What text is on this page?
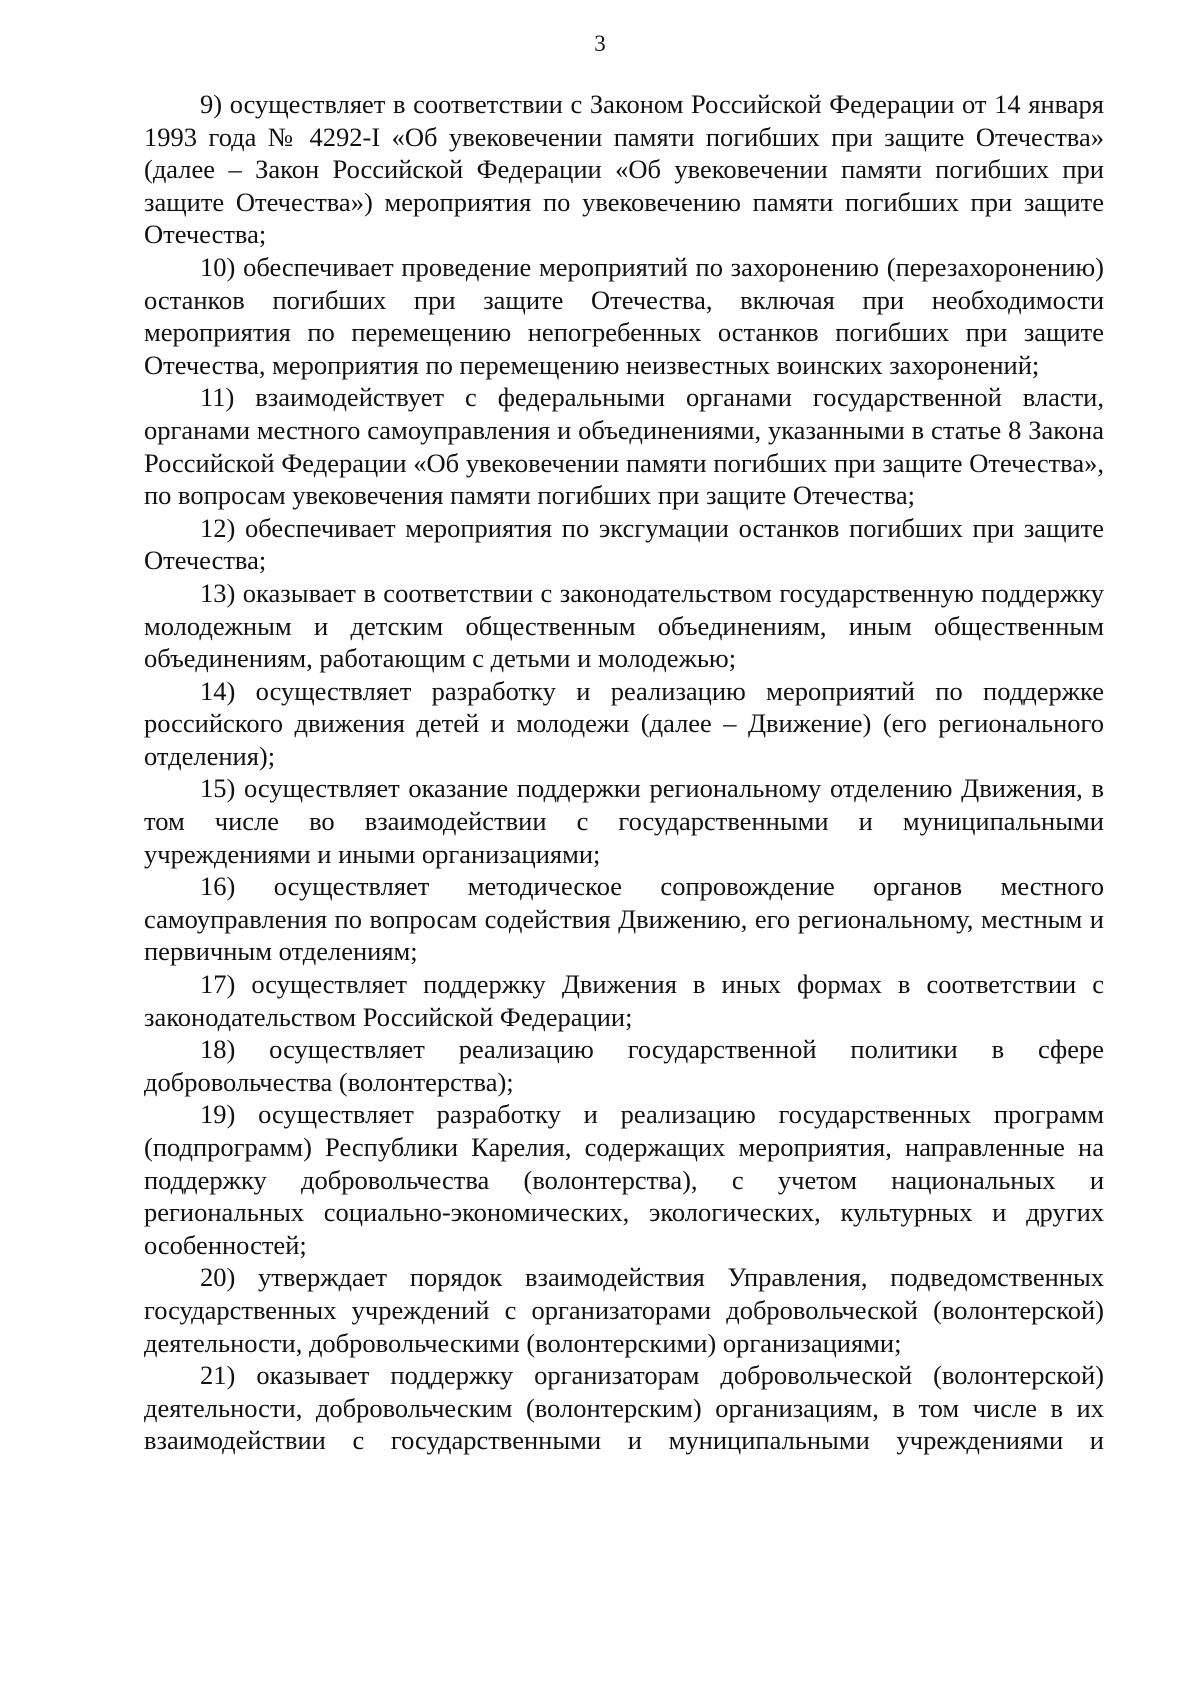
3

9) осуществляет в соответствии с Законом Российской Федерации от 14 января 1993 года № 4292-I «Об увековечении памяти погибших при защите Отечества» (далее – Закон Российской Федерации «Об увековечении памяти погибших при защите Отечества») мероприятия по увековечению памяти погибших при защите Отечества;

10) обеспечивает проведение мероприятий по захоронению (перезахоронению) останков погибших при защите Отечества, включая при необходимости мероприятия по перемещению непогребенных останков погибших при защите Отечества, мероприятия по перемещению неизвестных воинских захоронений;

11) взаимодействует с федеральными органами государственной власти, органами местного самоуправления и объединениями, указанными в статье 8 Закона Российской Федерации «Об увековечении памяти погибших при защите Отечества», по вопросам увековечения памяти погибших при защите Отечества;

12) обеспечивает мероприятия по эксгумации останков погибших при защите Отечества;

13) оказывает в соответствии с законодательством государственную поддержку молодежным и детским общественным объединениям, иным общественным объединениям, работающим с детьми и молодежью;

14) осуществляет разработку и реализацию мероприятий по поддержке российского движения детей и молодежи (далее – Движение) (его регионального отделения);

15) осуществляет оказание поддержки региональному отделению Движения, в том числе во взаимодействии с государственными и муниципальными учреждениями и иными организациями;

16) осуществляет методическое сопровождение органов местного самоуправления по вопросам содействия Движению, его региональному, местным и первичным отделениям;

17) осуществляет поддержку Движения в иных формах в соответствии с законодательством Российской Федерации;

18) осуществляет реализацию государственной политики в сфере добровольчества (волонтерства);

19) осуществляет разработку и реализацию государственных программ (подпрограмм) Республики Карелия, содержащих мероприятия, направленные на поддержку добровольчества (волонтерства), с учетом национальных и региональных социально-экономических, экологических, культурных и других особенностей;

20) утверждает порядок взаимодействия Управления, подведомственных государственных учреждений с организаторами добровольческой (волонтерской) деятельности, добровольческими (волонтерскими) организациями;

21) оказывает поддержку организаторам добровольческой (волонтерской) деятельности, добровольческим (волонтерским) организациям, в том числе в их взаимодействии с государственными и муниципальными учреждениями и
